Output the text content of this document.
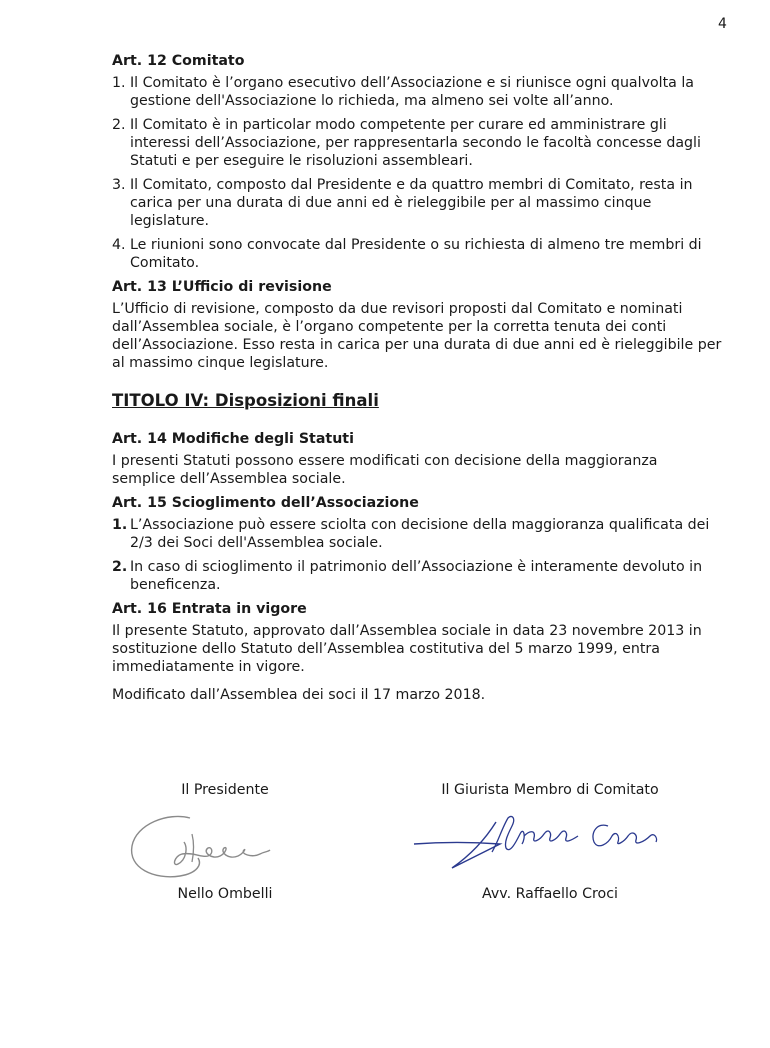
4
Art. 12 Comitato
1. Il Comitato è l’organo esecutivo dell’Associazione e si riunisce ogni qualvolta la gestione dell'Associazione lo richieda, ma almeno sei volte all’anno.
2. Il Comitato è in particolar modo competente per curare ed amministrare gli interessi dell’Associazione, per rappresentarla secondo le facoltà concesse dagli Statuti e per eseguire le risoluzioni assembleari.
3. Il Comitato, composto dal Presidente e da quattro membri di Comitato, resta in carica per una durata di due anni ed è rieleggibile per al massimo cinque legislature.
4. Le riunioni sono convocate dal Presidente o su richiesta di almeno tre membri di Comitato.
Art. 13 L’Ufficio di revisione

L’Ufficio di revisione, composto da due revisori proposti dal Comitato e nominati dall’Assemblea sociale, è l’organo competente per la corretta tenuta dei conti dell’Associazione. Esso resta in carica per una durata di due anni ed è rieleggibile per al massimo cinque legislature.

TITOLO IV: Disposizioni finali
Art. 14 Modifiche degli Statuti

I presenti Statuti possono essere modificati con decisione della maggioranza semplice dell’Assemblea sociale.

Art. 15 Scioglimento dell’Associazione
1. L’Associazione può essere sciolta con decisione della maggioranza qualificata dei 2/3 dei Soci dell'Assemblea sociale.
2. In caso di scioglimento il patrimonio dell’Associazione è interamente devoluto in beneficenza.
Art. 16 Entrata in vigore

Il presente Statuto, approvato dall’Assemblea sociale in data 23 novembre 2013 in sostituzione dello Statuto dell’Assemblea costitutiva del 5 marzo 1999, entra immediatamente in vigore.

Modificato dall’Assemblea dei soci il 17 marzo 2018.

Il Presidente	Il Giurista Membro di Comitato
Nello Ombelli	Avv. Raffaello Croci
